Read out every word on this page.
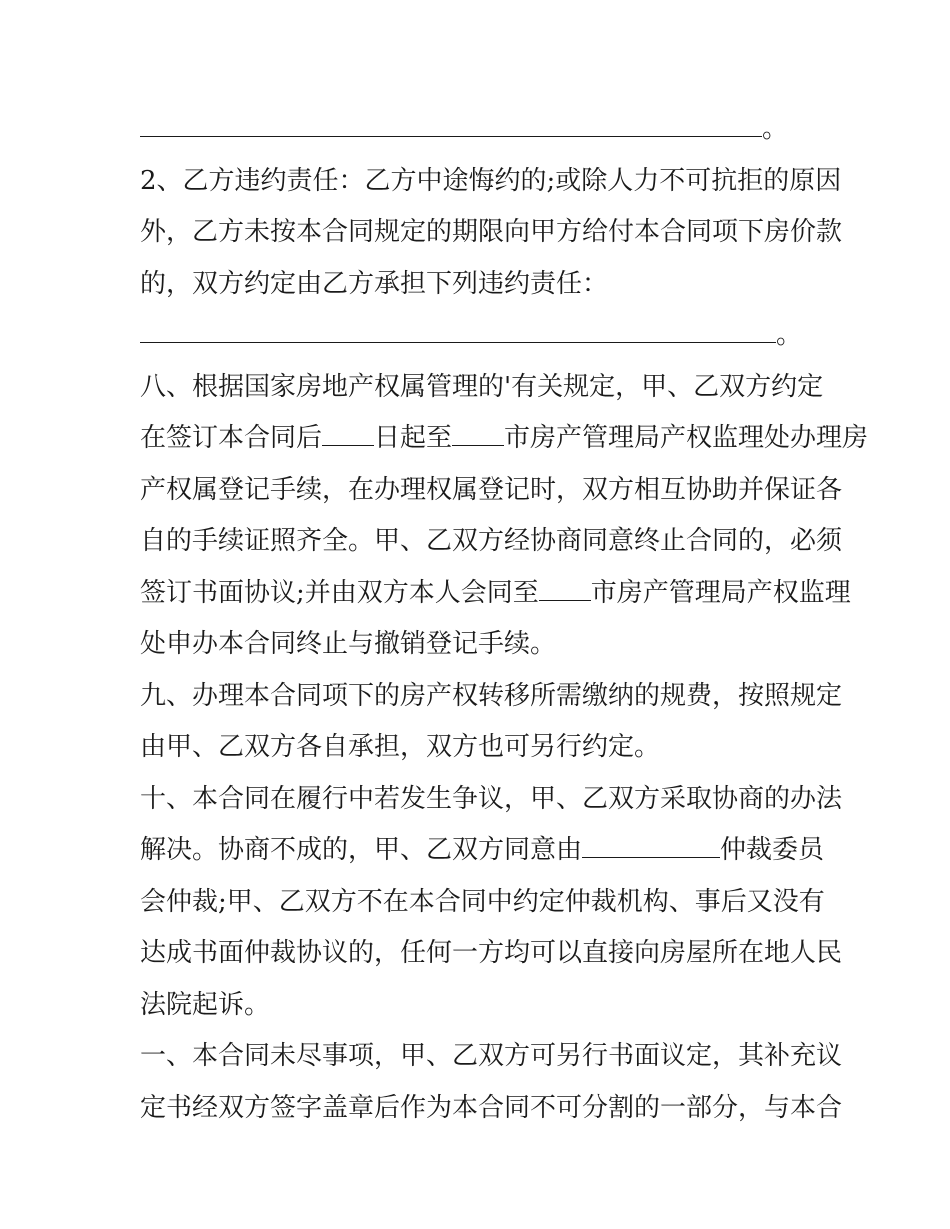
。
2、乙方违约责任：乙方中途悔约的;或除人力不可抗拒的原因
外，乙方未按本合同规定的期限向甲方给付本合同项下房价款
的，双方约定由乙方承担下列违约责任：
。
八、根据国家房地产权属管理的'有关规定，甲、乙双方约定
在签订本合同后 日起至 市房产管理局产权监理处办理房
产权属登记手续，在办理权属登记时，双方相互协助并保证各
自的手续证照齐全。甲、乙双方经协商同意终止合同的，必须
签订书面协议;并由双方本人会同至 市房产管理局产权监理
处申办本合同终止与撤销登记手续。
九、办理本合同项下的房产权转移所需缴纳的规费，按照规定
由甲、乙双方各自承担，双方也可另行约定。
十、本合同在履行中若发生争议，甲、乙双方采取协商的办法
解决。协商不成的，甲、乙双方同意由	仲裁委员
会仲裁;甲、乙双方不在本合同中约定仲裁机构、事后又没有
达成书面仲裁协议的，任何一方均可以直接向房屋所在地人民
法院起诉。
一、本合同未尽事项，甲、乙双方可另行书面议定，其补充议
定书经双方签字盖章后作为本合同不可分割的一部分，与本合
